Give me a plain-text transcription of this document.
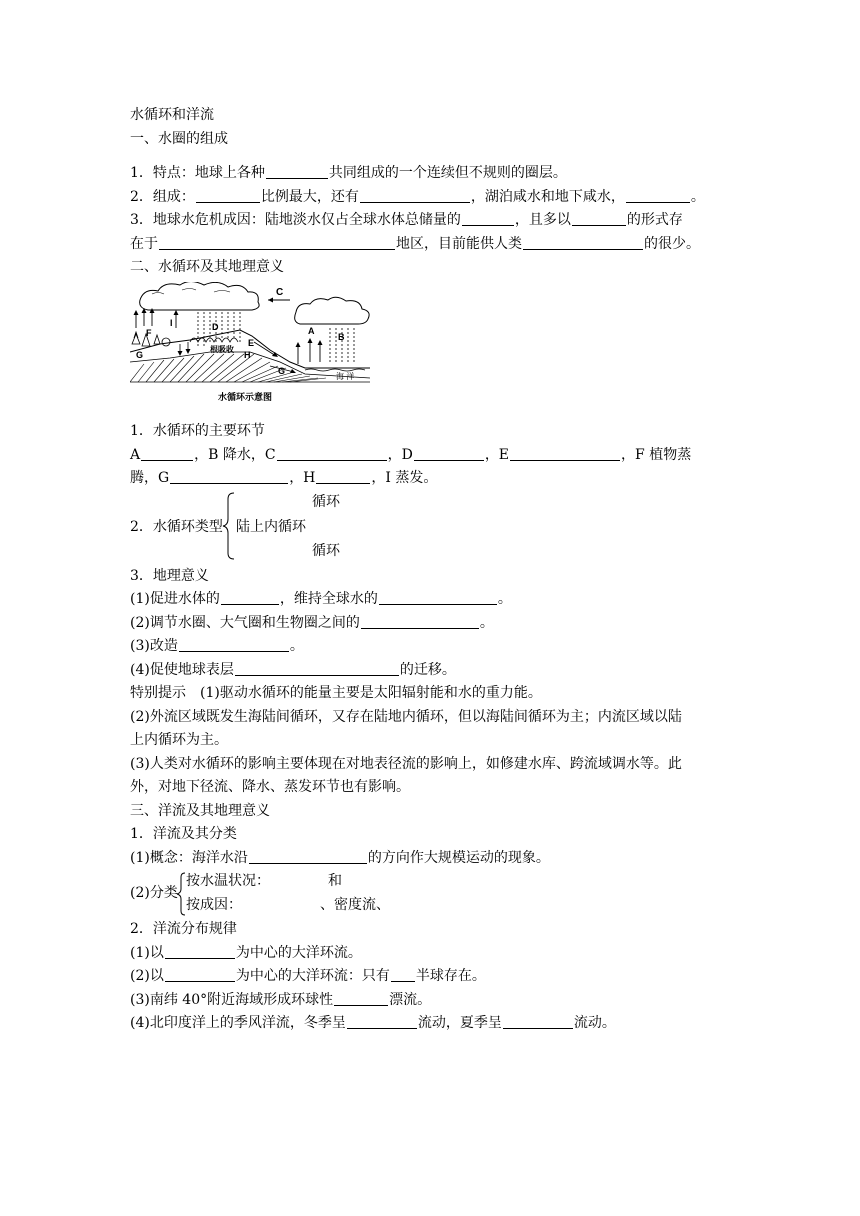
水循环和洋流
一、水圈的组成
1．特点：地球上各种	共同组成的一个连续但不规则的圈层。
2．组成：	比例最大，还有	，湖泊咸水和地下咸水，	。
3．地球水危机成因：陆地淡水仅占全球水体总储量的	，且多以	的形式存
在于	地区，目前能供人类	的很少。
二、水循环及其地理意义
C
D
B
A
F
I
海 洋
E
G
G
根吸收
H
水循环示意图
1．水循环的主要环节
A	，B 降水，C	，D	，E	，F 植物蒸
腾，G	，H	，I 蒸发。
2．水循环类型
循环
陆上内循环
循环
3．地理意义
(1)促进水体的	，维持全球水的	。
(2)调节水圈、大气圈和生物圈之间的	。
(3)改造	。
(4)促使地球表层	的迁移。
特别提示　(1)驱动水循环的能量主要是太阳辐射能和水的重力能。
(2)外流区域既发生海陆间循环，又存在陆地内循环，但以海陆间循环为主；内流区域以陆
上内循环为主。
(3)人类对水循环的影响主要体现在对地表径流的影响上，如修建水库、跨流域调水等。此
外，对地下径流、降水、蒸发环节也有影响。
三、洋流及其地理意义
1．洋流及其分类
(1)概念：海洋水沿	的方向作大规模运动的现象。
(2)分类
按水温状况：	和
按成因：	、密度流、
2．洋流分布规律
(1)以	为中心的大洋环流。
(2)以	为中心的大洋环流：只有 半球存在。
(3)南纬 40°附近海域形成环球性	漂流。
(4)北印度洋上的季风洋流，冬季呈	流动，夏季呈	流动。
